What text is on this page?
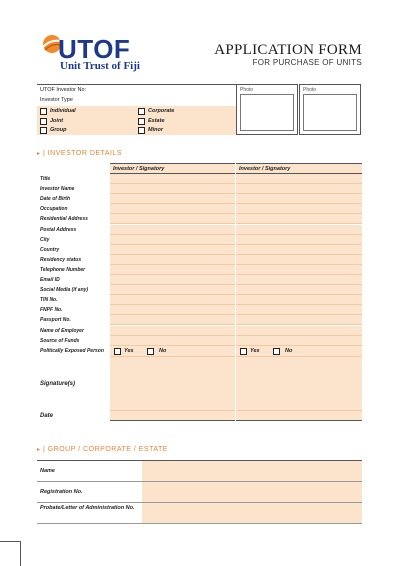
UTOF
Unit Trust of Fiji
APPLICATION FORM
FOR PURCHASE OF UNITS
UTOF Investor No:
Investor Type
Individual
Joint
Group
Corporate
Estate
Minor
Photo	Photo
▸ | INVESTOR DETAILS
Investor / Signatory	Investor / Signatory
Title
Investor Name
Date of Birth
Occupation
Residential Address
Postal Address
City
Country
Residency status
Telephone Number
Email ID
Social Media (if any)
TIN No.
FNPF No.
Passport No.
Name of Employer
Source of Funds
Politically Exposed Person	Yes	No	Yes	No
Signature(s)
Date
▸ | GROUP / CORPORATE / ESTATE
Name
Registration No.
Probate/Letter of Administration No.
